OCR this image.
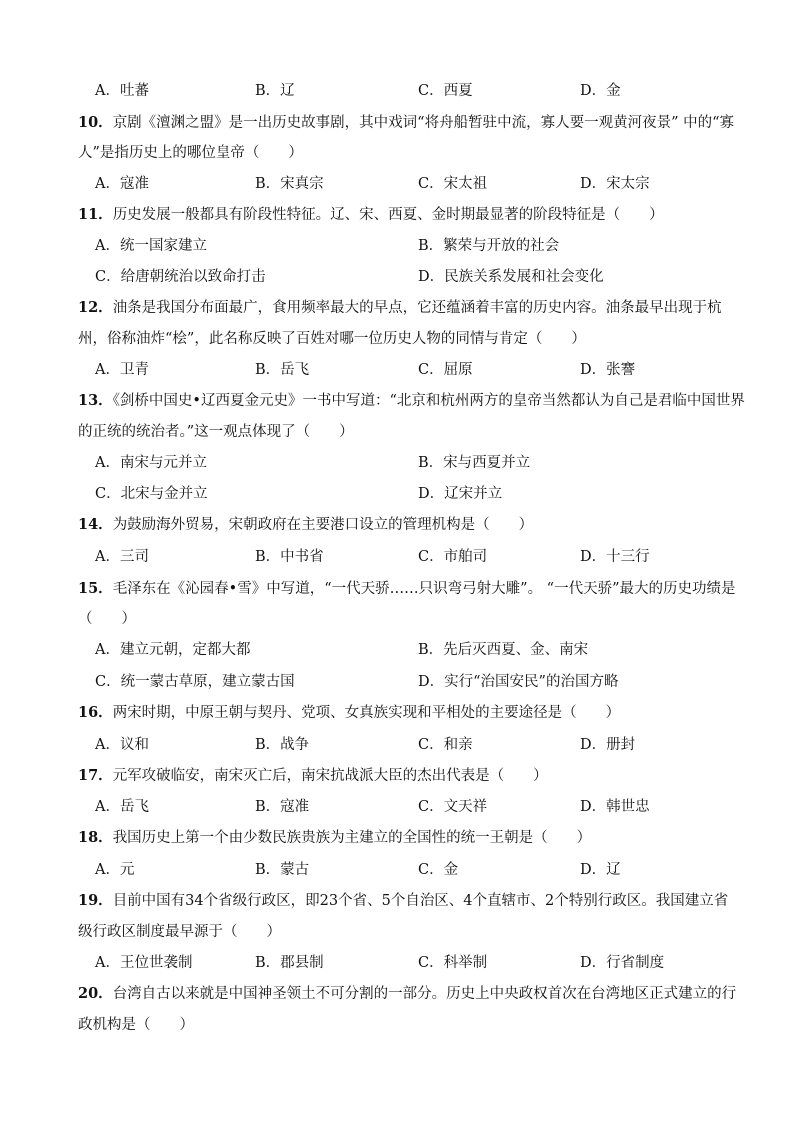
A．吐蕃	B．辽	C．西夏	D．金
10．京剧《澶渊之盟》是一出历史故事剧，其中戏词“将舟船暂驻中流，寡人要一观黄河夜景” 中的“寡
人”是指历史上的哪位皇帝（　　）
A．寇准	B．宋真宗	C．宋太祖	D．宋太宗
11．历史发展一般都具有阶段性特征。辽、宋、西夏、金时期最显著的阶段特征是（　　）
A．统一国家建立	B．繁荣与开放的社会
C．给唐朝统治以致命打击	D．民族关系发展和社会变化
12．油条是我国分布面最广，食用频率最大的早点，它还蕴涵着丰富的历史内容。油条最早出现于杭
州，俗称油炸“桧”，此名称反映了百姓对哪一位历史人物的同情与肯定（　　）
A．卫青	B．岳飞	C．屈原	D．张謇
13．《剑桥中国史•辽西夏金元史》一书中写道：“北京和杭州两方的皇帝当然都认为自己是君临中国世界
的正统的统治者。”这一观点体现了（　　）
A．南宋与元并立	B．宋与西夏并立
C．北宋与金并立	D．辽宋并立
14．为鼓励海外贸易，宋朝政府在主要港口设立的管理机构是（　　）
A．三司	B．中书省	C．市舶司	D．十三行
15．毛泽东在《沁园春•雪》中写道，“一代天骄……只识弯弓射大雕”。 “一代天骄”最大的历史功绩是
（　　）
A．建立元朝，定都大都	B．先后灭西夏、金、南宋
C．统一蒙古草原，建立蒙古国	D．实行“治国安民”的治国方略
16．两宋时期，中原王朝与契丹、党项、女真族实现和平相处的主要途径是（　　）
A．议和	B．战争	C．和亲	D．册封
17．元军攻破临安，南宋灭亡后，南宋抗战派大臣的杰出代表是（　　）
A．岳飞	B．寇准	C．文天祥	D．韩世忠
18．我国历史上第一个由少数民族贵族为主建立的全国性的统一王朝是（　　）
A．元	B．蒙古	C．金	D．辽
19．目前中国有34个省级行政区，即23个省、5个自治区、4个直辖市、2个特别行政区。我国建立省
级行政区制度最早源于（　　）
A．王位世袭制	B．郡县制	C．科举制	D．行省制度
20．台湾自古以来就是中国神圣领土不可分割的一部分。历史上中央政权首次在台湾地区正式建立的行
政机构是（　　）
